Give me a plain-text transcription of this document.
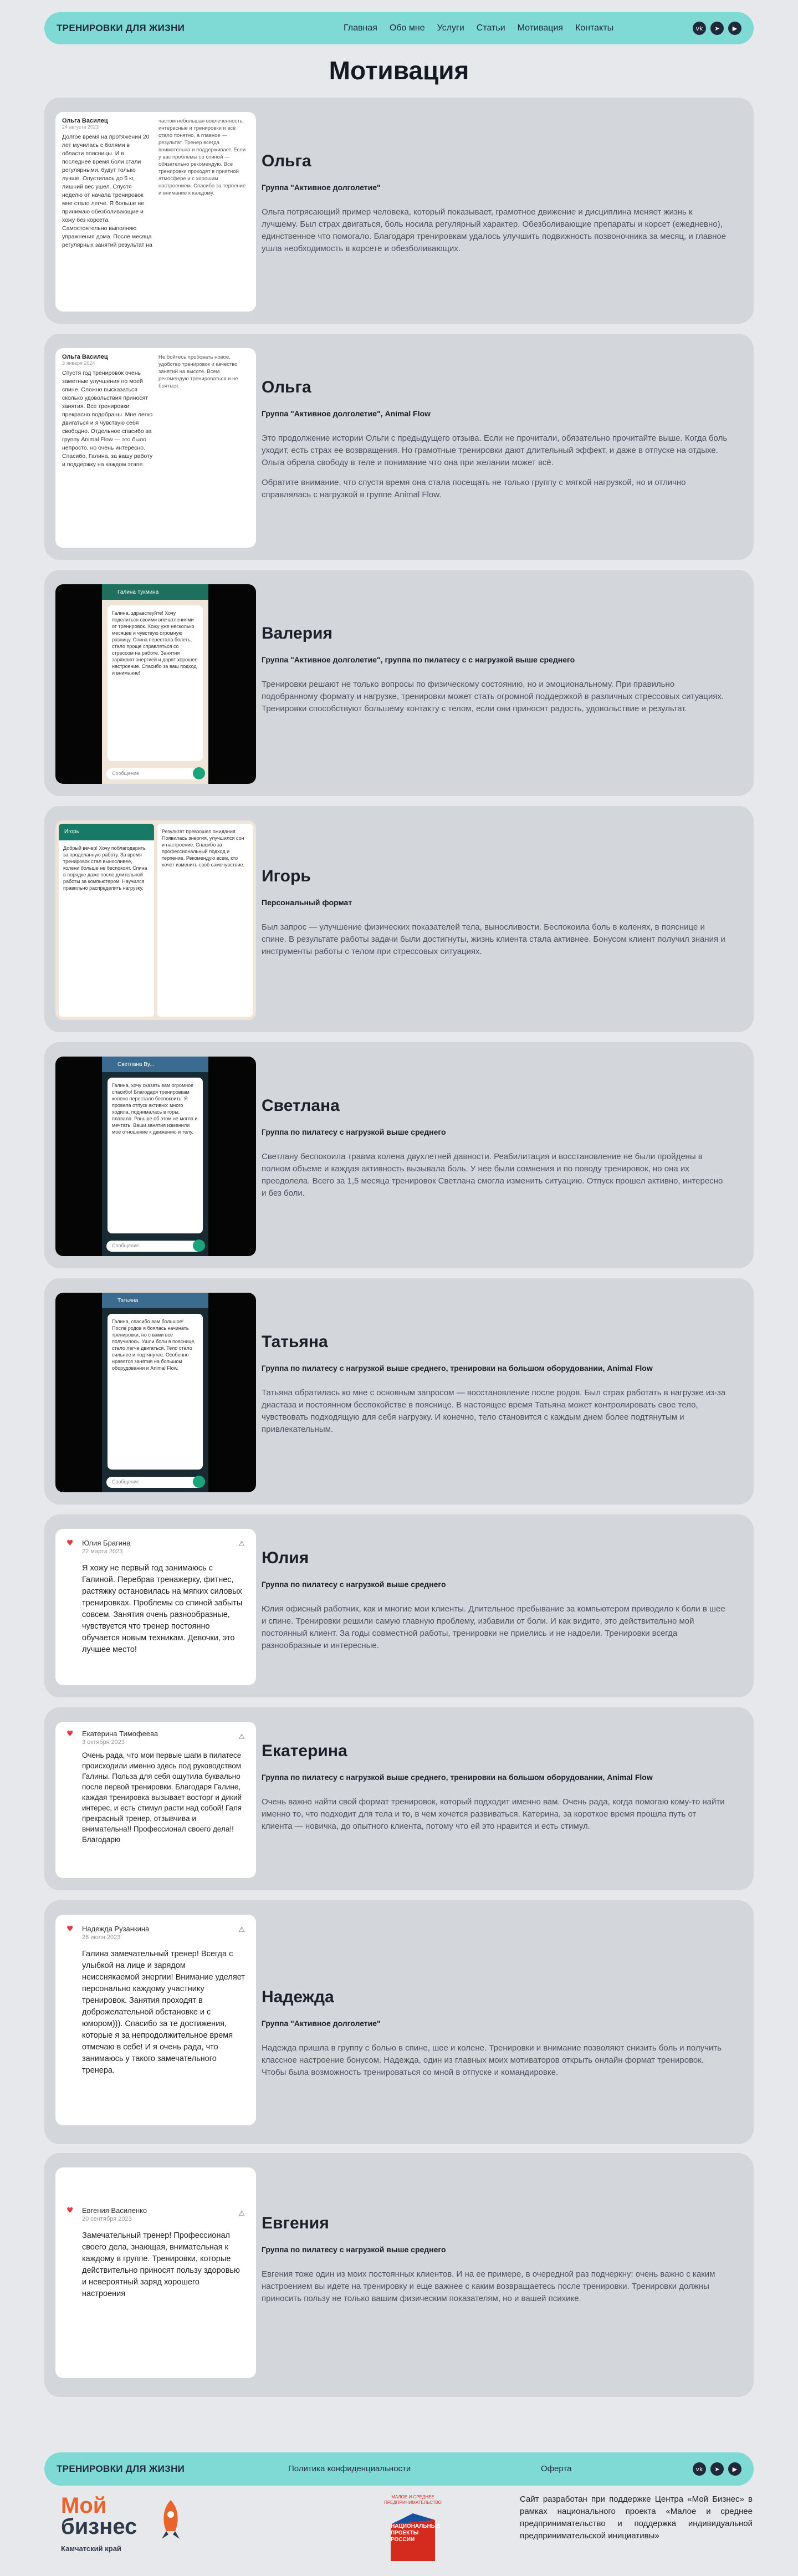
ТРЕНИРОВКИ ДЛЯ ЖИЗНИ	Главная Обо мне Услуги Статьи Мотивация Контакты	vk	➤	▶
Мотивация
Ольга Василец
24 августа 2023
Долгое время на протяжении 20 лет мучилась с болями в области поясницы. И в последнее время боли стали регулярными, будут только лучше. Опустилась до 5 кг, лишний вес ушел. Спустя неделю от начала тренировок мне стало легче. Я больше не принимаю обезболивающие и хожу без корсета. Самостоятельно выполняю упражнения дома. После месяца регулярных занятий результат на
частом небольшая вовлеченность, интересные и тренировки и всё стало понятно, а главное — результат. Тренер всегда внимательна и поддерживает. Если у вас проблемы со спиной — обязательно рекомендую. Все тренировки проходят в приятной атмосфере и с хорошим настроением. Спасибо за терпение и внимание к каждому.
Ольга
Группа "Активное долголетие"
Ольга потрясающий пример человека, который показывает, грамотное движение и дисциплина меняет жизнь к лучшему. Был страх двигаться, боль носила регулярный характер. Обезболивающие препараты и корсет (ежедневно), единственное что помогало. Благодаря тренировкам удалось улучшить подвижность позвоночника за месяц, и главное ушла необходимость в корсете и обезболивающих.
Ольга Василец
3 января 2024
Спустя год тренировок очень заметные улучшения по моей спине. Сложно высказаться сколько удовольствия приносят занятия. Все тренировки прекрасно подобраны. Мне легко двигаться и я чувствую себя свободно. Отдельное спасибо за группу Animal Flow — это было непросто, но очень интересно. Спасибо, Галина, за вашу работу и поддержку на каждом этапе.
Не бойтесь пробовать новое, удобство тренировок и качество занятий на высоте. Всем рекомендую тренироваться и не бояться.	Ольга
Группа "Активное долголетие", Animal Flow
Это продолжение истории Ольги с предыдущего отзыва. Если не прочитали, обязательно прочитайте выше. Когда боль уходит, есть страх ее возвращения. Но грамотные тренировки дают длительный эффект, и даже в отпуске на отдыхе. Ольга обрела свободу в теле и понимание что она при желании может всё.
Обратите внимание, что спустя время она стала посещать не только группу с мягкой нагрузкой, но и отлично справлялась с нагрузкой в группе Animal Flow.
Галина Тукмина
Галина, здравствуйте! Хочу поделиться своими впечатлениями от тренировок. Хожу уже несколько месяцев и чувствую огромную разницу. Спина перестала болеть, стало проще справляться со стрессом на работе. Занятия заряжают энергией и дарят хорошее настроение. Спасибо за ваш подход и внимание!
Сообщение
Валерия
Группа "Активное долголетие", группа по пилатесу с с нагрузкой выше среднего
Тренировки решают не только вопросы по физическому состоянию, но и эмоциональному. При правильно подобранному формату и нагрузке, тренировки может стать огромной поддержкой в различных стрессовых ситуациях. Тренировки способствуют большему контакту с телом, если они приносят радость, удовольствие и результат.
Игорь
Добрый вечер! Хочу поблагодарить за проделанную работу. За время тренировок стал выносливее, колени больше не беспокоят. Спина в порядке даже после длительной работы за компьютером. Научился правильно распределять нагрузку.
Результат превзошел ожидания. Появилась энергия, улучшился сон и настроение. Спасибо за профессиональный подход и терпение. Рекомендую всем, кто хочет изменить своё самочувствие.
Игорь
Персональный формат
Был запрос — улучшение физических показателей тела, выносливости. Беспокоила боль в коленях, в пояснице и спине. В результате работы задачи были достигнуты, жизнь клиента стала активнее. Бонусом клиент получил знания и инструменты работы с телом при стрессовых ситуациях.
Светлана Ву...
Галина, хочу сказать вам огромное спасибо! Благодаря тренировкам колено перестало беспокоить. Я провела отпуск активно: много ходила, поднималась в горы, плавала. Раньше об этом не могла и мечтать. Ваши занятия изменили моё отношение к движению и телу.
Сообщение
Светлана
Группа по пилатесу с нагрузкой выше среднего
Светлану беспокоила травма колена двухлетней давности. Реабилитация и восстановление не были пройдены в полном объеме и каждая активность вызывала боль. У нее были сомнения и по поводу тренировок, но она их преодолела. Всего за 1,5 месяца тренировок Светлана смогла изменить ситуацию. Отпуск прошел активно, интересно и без боли.
Татьяна
Галина, спасибо вам большое! После родов я боялась начинать тренировки, но с вами всё получилось. Ушли боли в пояснице, стало легче двигаться. Тело стало сильнее и подтянутее. Особенно нравятся занятия на большом оборудовании и Animal Flow.
Сообщение
Татьяна
Группа по пилатесу с нагрузкой выше среднего, тренировки на большом оборудовании, Animal Flow
Татьяна обратилась ко мне с основным запросом — восстановление после родов. Был страх работать в нагрузке из-за диастаза и постоянном беспокойстве в пояснице. В настоящее время Татьяна может контролировать свое тело, чувствовать подходящую для себя нагрузку. И конечно, тело становится с каждым днем более подтянутым и привлекательным.
♥	Юлия Брагина
22 марта 2023
⚠
Я хожу не первый год занимаюсь с Галиной. Перебрав тренажерку, фитнес, растяжку остановилась на мягких силовых тренировках. Проблемы со спиной забыты совсем. Занятия очень разнообразные, чувствуется что тренер постоянно обучается новым техникам. Девочки, это лучшее место!
Юлия
Группа по пилатесу с нагрузкой выше среднего
Юлия офисный работник, как и многие мои клиенты. Длительное пребывание за компьютером приводило к боли в шее и спине. Тренировки решили самую главную проблему, избавили от боли. И как видите, это действительно мой постоянный клиент. За годы совместной работы, тренировки не приелись и не надоели. Тренировки всегда разнообразные и интересные.
♥	Екатерина Тимофеева
3 октября 2023
⚠
Очень рада, что мои первые шаги в пилатесе происходили именно здесь под руководством Галины. Польза для себя ощутила буквально после первой тренировки. Благодаря Галине, каждая тренировка вызывает восторг и дикий интерес, и есть стимул расти над собой! Галя прекрасный тренер, отзывчива и внимательна!! Профессионал своего дела!! Благодарю
Екатерина
Группа по пилатесу с нагрузкой выше среднего, тренировки на большом оборудовании, Animal Flow
Очень важно найти свой формат тренировок, который подходит именно вам. Очень рада, когда помогаю кому-то найти именно то, что подходит для тела и то, в чем хочется развиваться. Катерина, за короткое время прошла путь от клиента — новичка, до опытного клиента, потому что ей это нравится и есть стимул.
♥	Надежда Рузанкина
26 июля 2023
⚠
Галина замечательный тренер! Всегда с улыбкой на лице и зарядом неисснякаемой энергии! Внимание уделяет персонально каждому участнику тренировок. Занятия проходят в доброжелательной обстановке и с юмором))). Спасибо за те достижения, которые я за непродолжительное время отмечаю в себе! И я очень рада, что занимаюсь у такого замечательного тренера.
Надежда
Группа "Активное долголетие"
Надежда пришла в группу с болью в спине, шее и колене. Тренировки и внимание позволяют снизить боль и получить классное настроение бонусом. Надежда, один из главных моих мотиваторов открыть онлайн формат тренировок. Чтобы была возможность тренироваться со мной в отпуске и командировке.
♥	Евгения Василенко
20 сентября 2023
⚠
Замечательный тренер! Профессионал своего дела, знающая, внимательная к каждому в группе. Тренировки, которые действительно приносят пользу здоровью и невероятный заряд хорошего настроения
Евгения
Группа по пилатесу с нагрузкой выше среднего
Евгения тоже один из моих постоянных клиентов. И на ее примере, в очередной раз подчеркну: очень важно с каким настроением вы идете на тренировку и еще важнее с каким возвращаетесь после тренировки. Тренировки должны приносить пользу не только вашим физическим показателям, но и вашей психике.
ТРЕНИРОВКИ ДЛЯ ЖИЗНИ	Политика конфиденциальности	Оферта	vk	➤	▶
Мой
бизнес
Камчатский край
МАЛОЕ И СРЕДНЕЕ ПРЕДПРИНИМАТЕЛЬСТВО
НАЦИОНАЛЬНЫЕ ПРОЕКТЫ РОССИИ
Сайт разработан при поддержке Центра «Мой Бизнес» в рамках национального проекта «Малое и среднее предпринимательство и поддержка индивидуальной предпринимательской инициативы»
